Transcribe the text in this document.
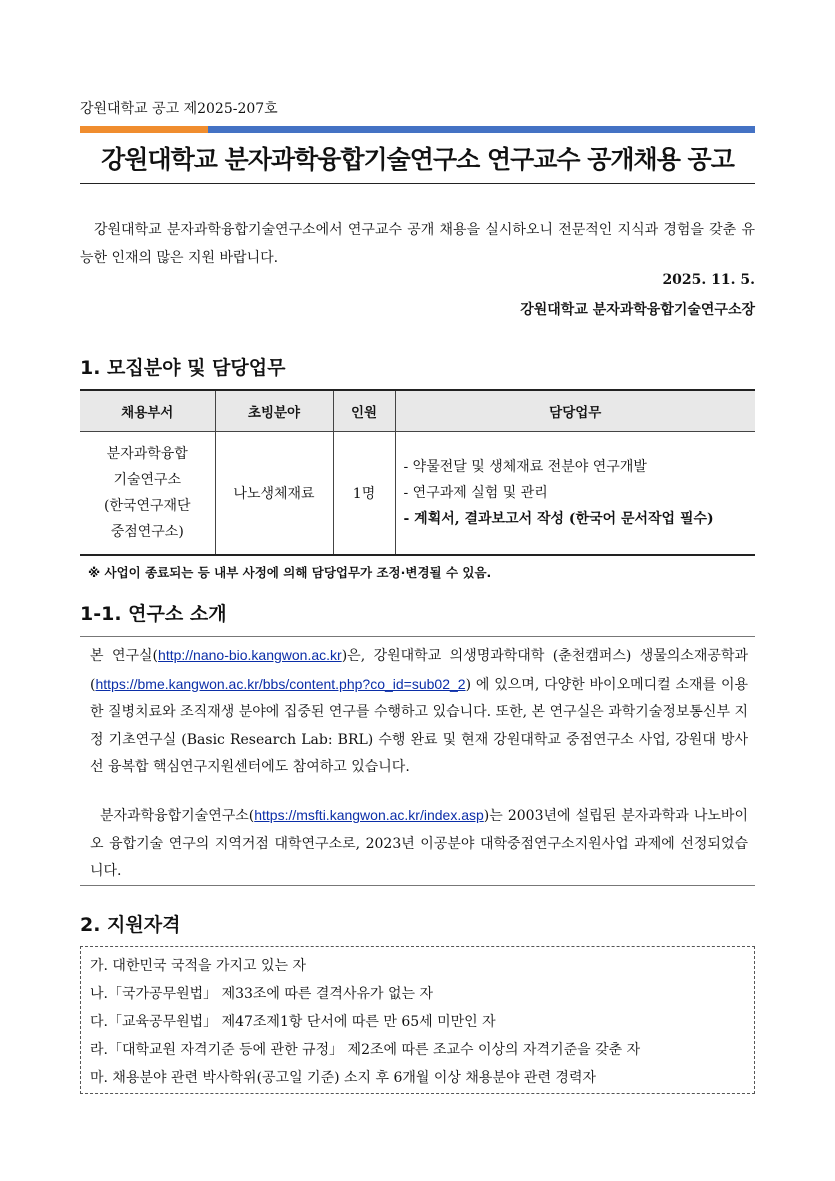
강원대학교 공고 제2025-207호
강원대학교 분자과학융합기술연구소 연구교수 공개채용 공고
강원대학교 분자과학융합기술연구소에서 연구교수 공개 채용을 실시하오니 전문적인 지식과 경험을 갖춘 유능한 인재의 많은 지원 바랍니다.
2025. 11. 5.
강원대학교 분자과학융합기술연구소장
1. 모집분야 및 담당업무
채용부서	초빙분야	인원	담당업무

분자과학융합
기술연구소
(한국연구재단
중점연구소)	나노생체재료	1명	- 약물전달 및 생체재료 전분야 연구개발
- 연구과제 실험 및 관리
- 계획서, 결과보고서 작성 (한국어 문서작업 필수)
※ 사업이 종료되는 등 내부 사정에 의해 담당업무가 조정·변경될 수 있음.
1-1. 연구소 소개
본 연구실(http://nano-bio.kangwon.ac.kr)은, 강원대학교 의생명과학대학 (춘천캠퍼스) 생물의소재공학과 (https://bme.kangwon.ac.kr/bbs/content.php?co_id=sub02_2) 에 있으며, 다양한 바이오메디컬 소재를 이용한 질병치료와 조직재생 분야에 집중된 연구를 수행하고 있습니다. 또한, 본 연구실은 과학기술정보통신부 지정 기초연구실 (Basic Research Lab: BRL) 수행 완료 및 현재 강원대학교 중점연구소 사업, 강원대 방사선 융복합 핵심연구지원센터에도 참여하고 있습니다.
분자과학융합기술연구소(https://msfti.kangwon.ac.kr/index.asp)는 2003년에 설립된 분자과학과 나노바이오 융합기술 연구의 지역거점 대학연구소로, 2023년 이공분야 대학중점연구소지원사업 과제에 선정되었습니다.
2. 지원자격
가. 대한민국 국적을 가지고 있는 자
나.「국가공무원법」 제33조에 따른 결격사유가 없는 자
다.「교육공무원법」 제47조제1항 단서에 따른 만 65세 미만인 자
라.「대학교원 자격기준 등에 관한 규정」 제2조에 따른 조교수 이상의 자격기준을 갖춘 자
마. 채용분야 관련 박사학위(공고일 기준) 소지 후 6개월 이상 채용분야 관련 경력자
